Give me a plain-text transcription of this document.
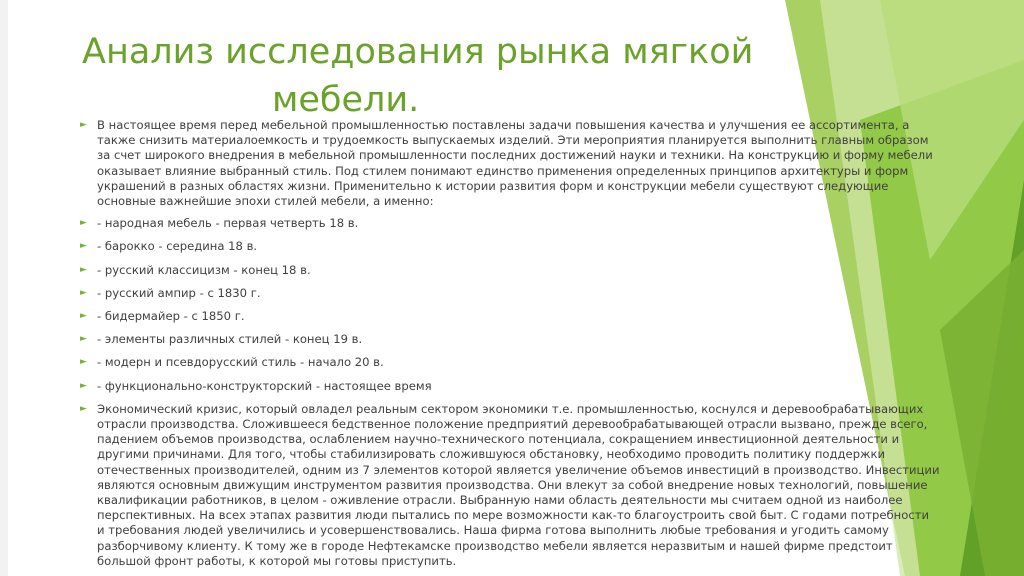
Анализ исследования рынка мягкой
мебели.
► В настоящее время перед мебельной промышленностью поставлены задачи повышения качества и улучшения ее ассортимента, а также снизить материалоемкость и трудоемкость выпускаемых изделий. Эти мероприятия планируется выполнить главным образом за счет широкого внедрения в мебельной промышленности последних достижений науки и техники. На конструкцию и форму мебели оказывает влияние выбранный стиль. Под стилем понимают единство применения определенных принципов архитектуры и форм украшений в разных областях жизни. Применительно к истории развития форм и конструкции мебели существуют следующие основные важнейшие эпохи стилей мебели, а именно:
► - народная мебель - первая четверть 18 в.
► - барокко - середина 18 в.
► - русский классицизм - конец 18 в.
► - русский ампир - с 1830 г.
► - бидермайер - с 1850 г.
► - элементы различных стилей - конец 19 в.
► - модерн и псевдорусский стиль - начало 20 в.
► - функционально-конструкторский - настоящее время
► Экономический кризис, который овладел реальным сектором экономики т.е. промышленностью, коснулся и деревообрабатывающих отрасли производства. Сложившееся бедственное положение предприятий деревообрабатывающей отрасли вызвано, прежде всего, падением объемов производства, ослаблением научно-технического потенциала, сокращением инвестиционной деятельности и другими причинами. Для того, чтобы стабилизировать сложившуюся обстановку, необходимо проводить политику поддержки отечественных производителей, одним из 7 элементов которой является увеличение объемов инвестиций в производство. Инвестиции являются основным движущим инструментом развития производства. Они влекут за собой внедрение новых технологий, повышение квалификации работников, в целом - оживление отрасли. Выбранную нами область деятельности мы считаем одной из наиболее перспективных. На всех этапах развития люди пытались по мере возможности как-то благоустроить свой быт. С годами потребности и требования людей увеличились и усовершенствовались. Наша фирма готова выполнить любые требования и угодить самому разборчивому клиенту. К тому же в городе Нефтекамске производство мебели является неразвитым и нашей фирме предстоит большой фронт работы, к которой мы готовы приступить.
